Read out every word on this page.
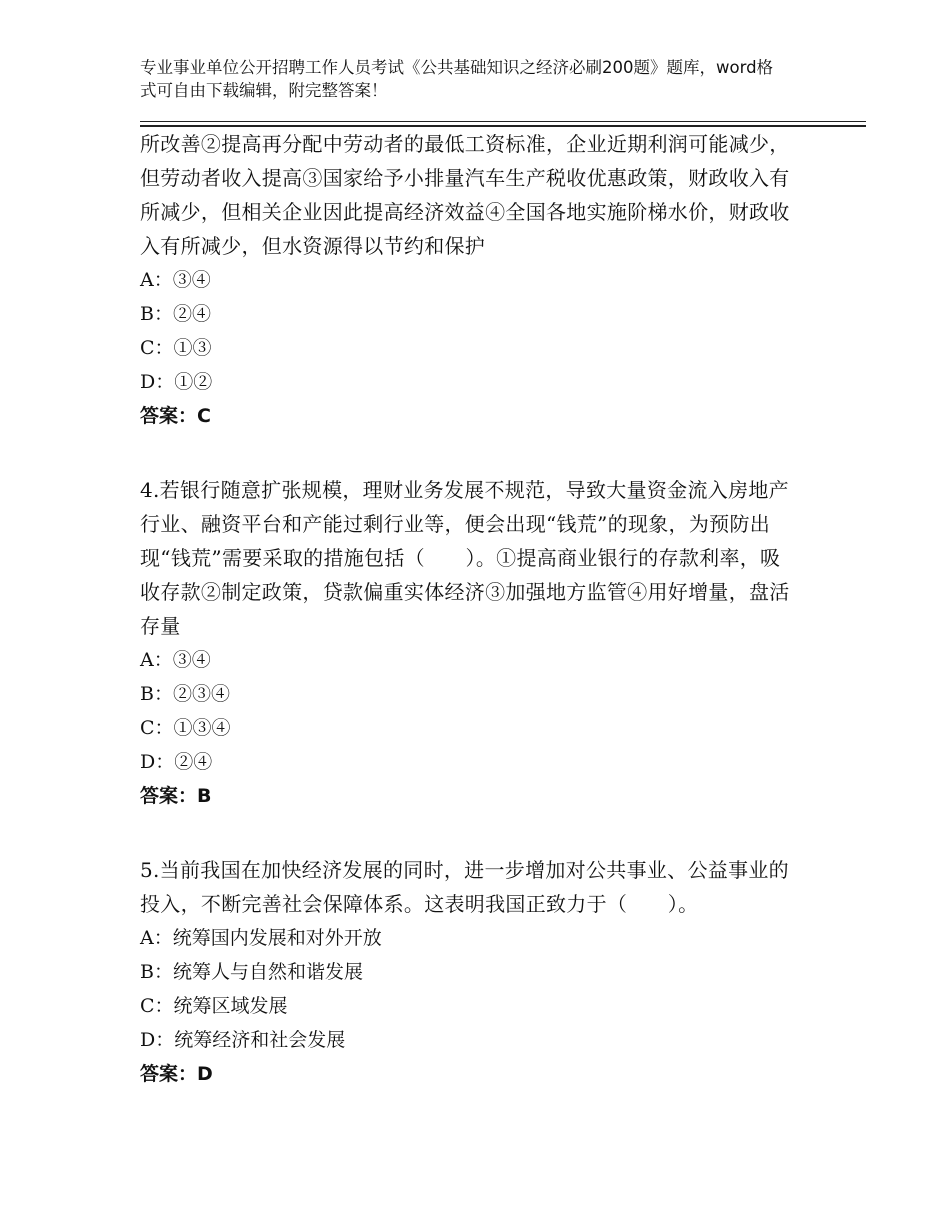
专业事业单位公开招聘工作人员考试《公共基础知识之经济必刷200题》题库，word格式可自由下载编辑，附完整答案！

所改善②提高再分配中劳动者的最低工资标准，企业近期利润可能减少，但劳动者收入提高③国家给予小排量汽车生产税收优惠政策，财政收入有所减少，但相关企业因此提高经济效益④全国各地实施阶梯水价，财政收入有所减少，但水资源得以节约和保护

A：③④

B：②④

C：①③

D：①②

答案：C

4.若银行随意扩张规模，理财业务发展不规范，导致大量资金流入房地产行业、融资平台和产能过剩行业等，便会出现“钱荒”的现象，为预防出现“钱荒”需要采取的措施包括（　　）。①提高商业银行的存款利率，吸收存款②制定政策，贷款偏重实体经济③加强地方监管④用好增量，盘活存量

A：③④

B：②③④

C：①③④

D：②④

答案：B

5.当前我国在加快经济发展的同时，进一步增加对公共事业、公益事业的投入，不断完善社会保障体系。这表明我国正致力于（　　）。

A：统筹国内发展和对外开放

B：统筹人与自然和谐发展

C：统筹区域发展

D：统筹经济和社会发展

答案：D
